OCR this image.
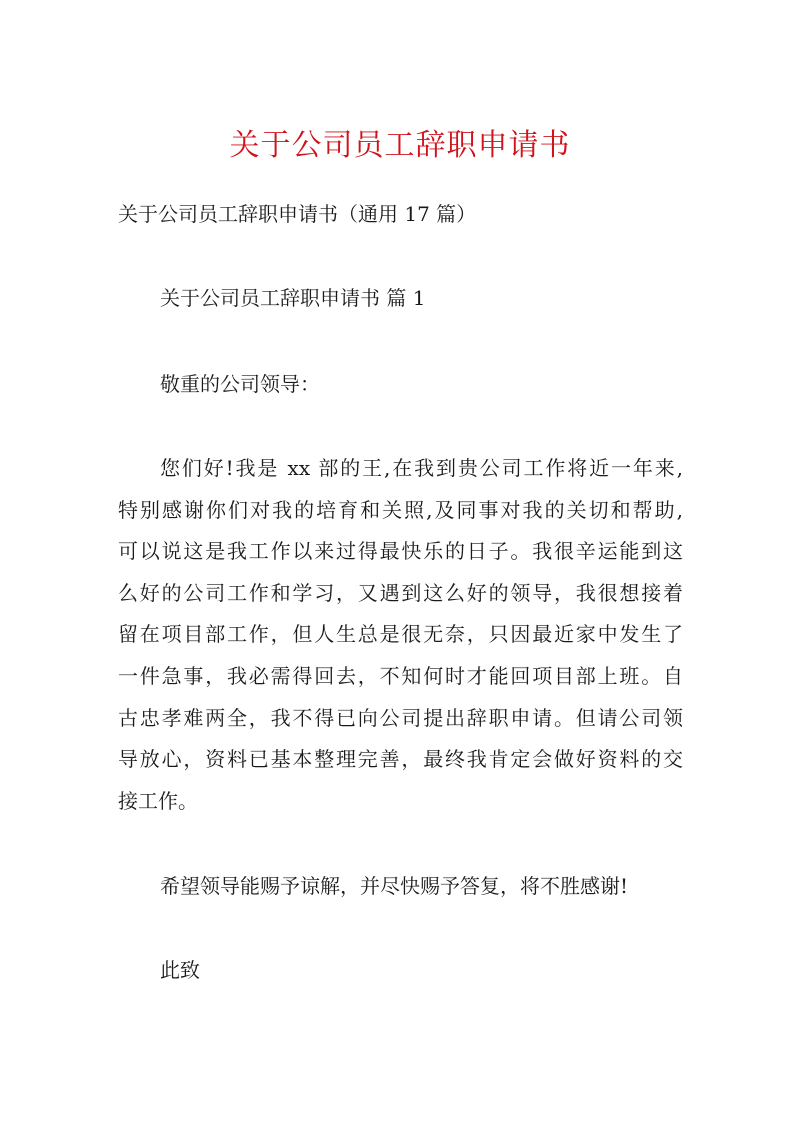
关于公司员工辞职申请书

关于公司员工辞职申请书（通用 17 篇）

关于公司员工辞职申请书 篇 1

敬重的公司领导：

您们好!我是 xx 部的王,在我到贵公司工作将近一年来,
特别感谢你们对我的培育和关照,及同事对我的关切和帮助,
可以说这是我工作以来过得最快乐的日子。我很辛运能到这
么好的公司工作和学习，又遇到这么好的领导，我很想接着
留在项目部工作，但人生总是很无奈，只因最近家中发生了
一件急事，我必需得回去，不知何时才能回项目部上班。自
古忠孝难两全，我不得已向公司提出辞职申请。但请公司领
导放心，资料已基本整理完善，最终我肯定会做好资料的交
接工作。

希望领导能赐予谅解，并尽快赐予答复，将不胜感谢!

此致
